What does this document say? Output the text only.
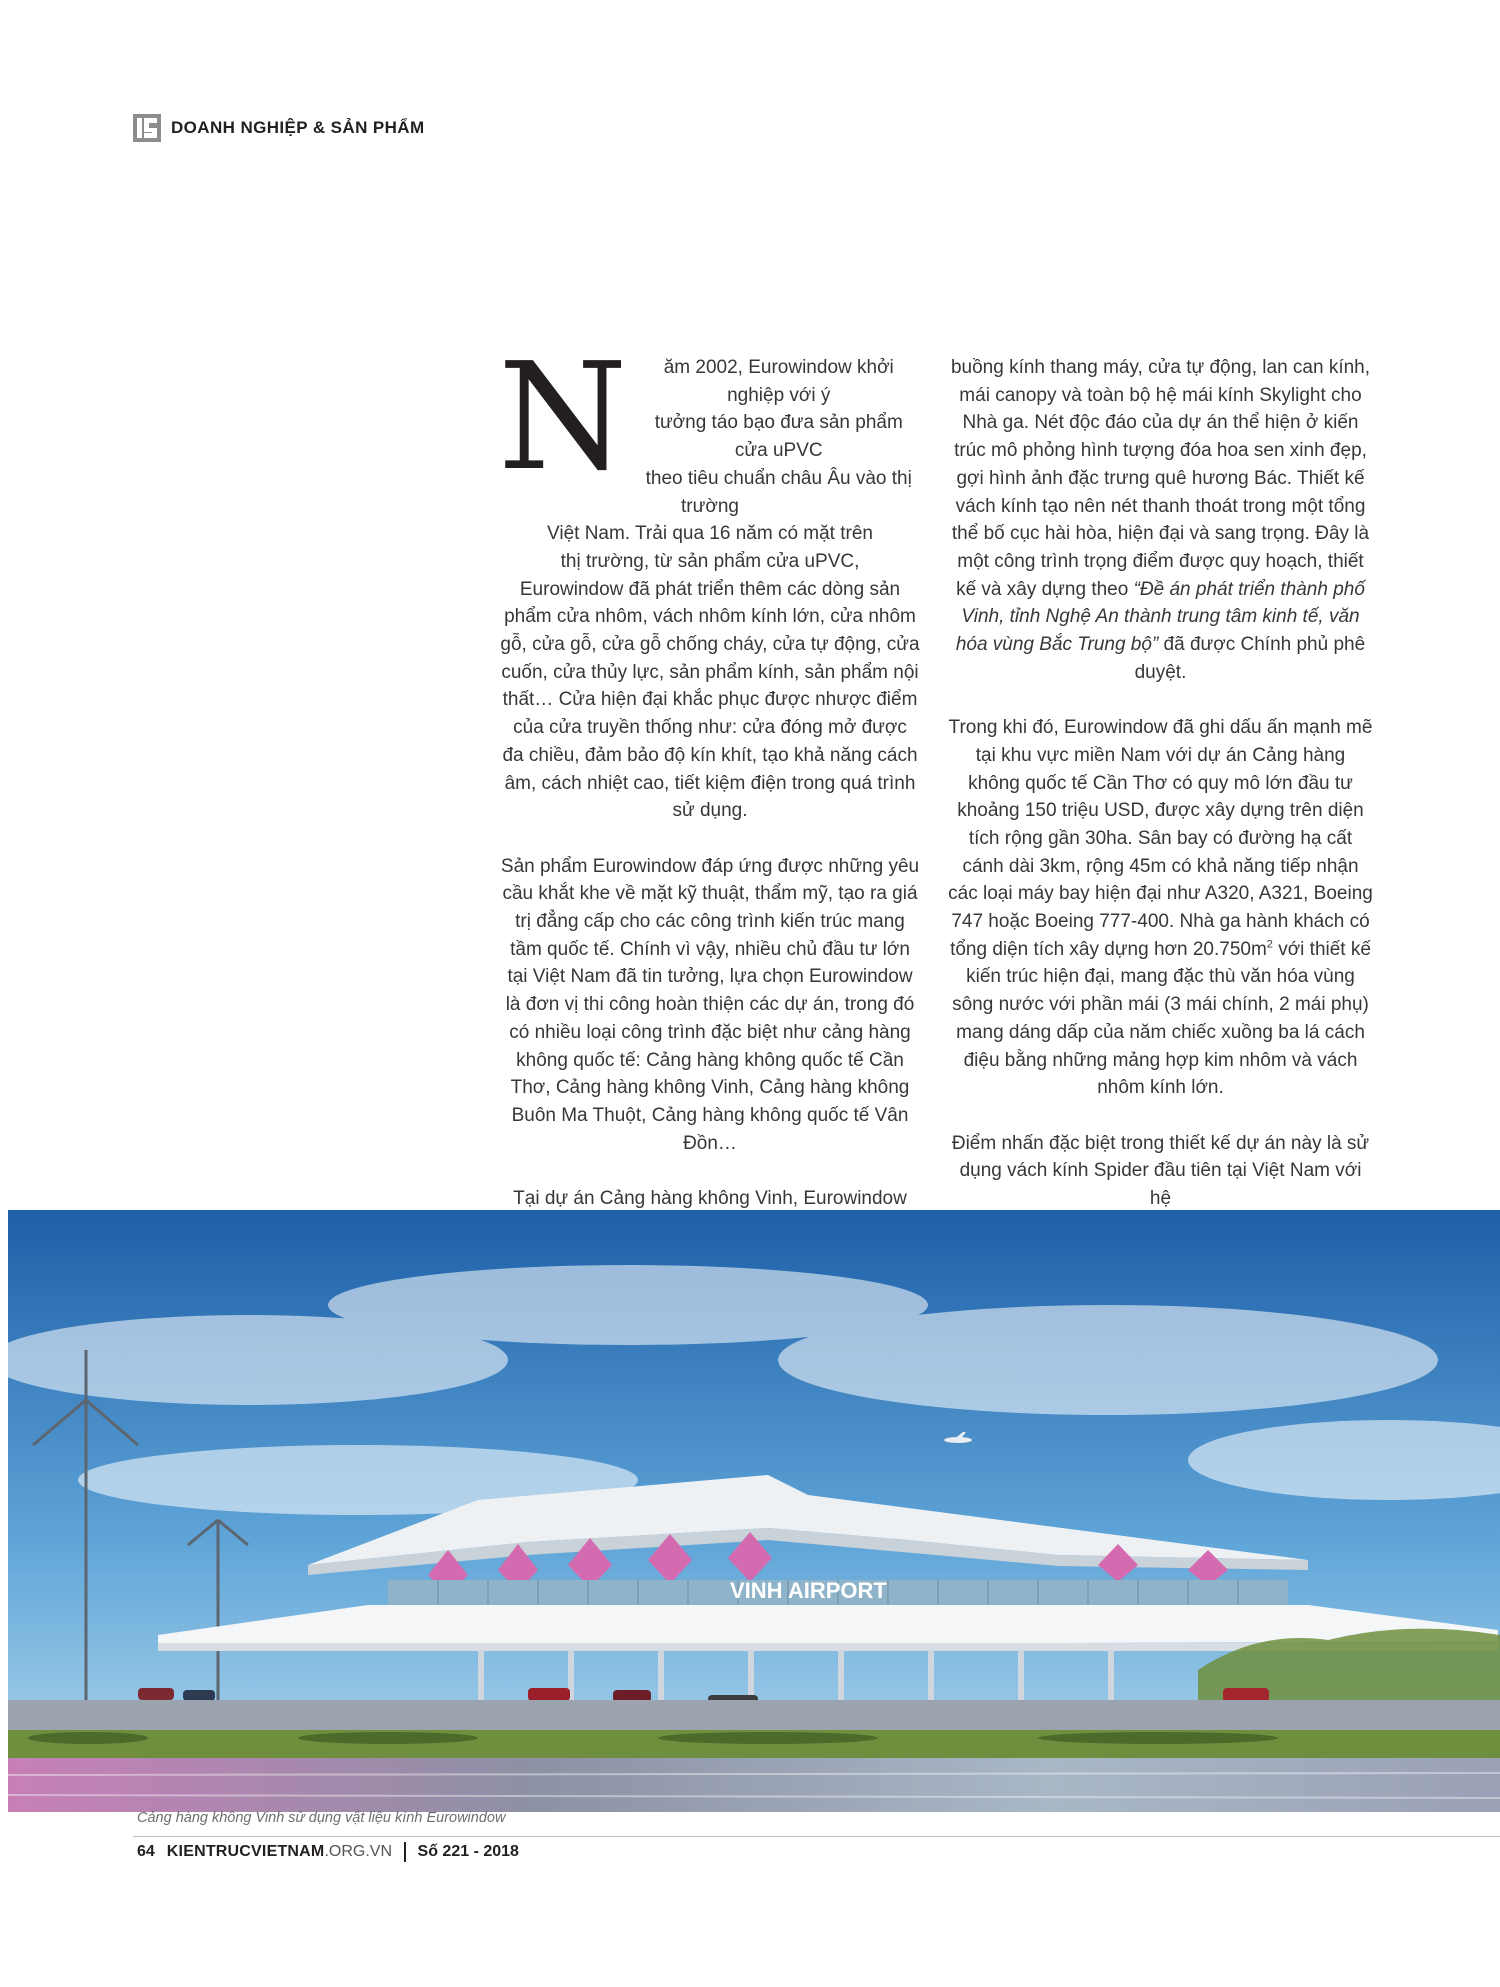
DOANH NGHIỆP & SẢN PHẨM

N	ăm 2002, Eurowindow khởi nghiệp với ý
tưởng táo bạo đưa sản phẩm cửa uPVC
theo tiêu chuẩn châu Âu vào thị trường
Việt Nam. Trải qua 16 năm có mặt trên
thị trường, từ sản phẩm cửa uPVC,
Eurowindow đã phát triển thêm các dòng sản phẩm cửa nhôm, vách nhôm kính lớn, cửa nhôm gỗ, cửa gỗ, cửa gỗ chống cháy, cửa tự động, cửa cuốn, cửa thủy lực, sản phẩm kính, sản phẩm nội thất… Cửa hiện đại khắc phục được nhược điểm của cửa truyền thống như: cửa đóng mở được đa chiều, đảm bảo độ kín khít, tạo khả năng cách âm, cách nhiệt cao, tiết kiệm điện trong quá trình sử dụng.

Sản phẩm Eurowindow đáp ứng được những yêu cầu khắt khe về mặt kỹ thuật, thẩm mỹ, tạo ra giá trị đẳng cấp cho các công trình kiến trúc mang tầm quốc tế. Chính vì vậy, nhiều chủ đầu tư lớn tại Việt Nam đã tin tưởng, lựa chọn Eurowindow là đơn vị thi công hoàn thiện các dự án, trong đó có nhiều loại công trình đặc biệt như cảng hàng không quốc tế: Cảng hàng không quốc tế Cần Thơ, Cảng hàng không Vinh, Cảng hàng không Buôn Ma Thuột, Cảng hàng không quốc tế Vân Đồn…

Tại dự án Cảng hàng không Vinh, Eurowindow

buồng kính thang máy, cửa tự động, lan can kính, mái canopy và toàn bộ hệ mái kính Skylight cho Nhà ga. Nét độc đáo của dự án thể hiện ở kiến trúc mô phỏng hình tượng đóa hoa sen xinh đẹp, gợi hình ảnh đặc trưng quê hương Bác. Thiết kế vách kính tạo nên nét thanh thoát trong một tổng thể bố cục hài hòa, hiện đại và sang trọng. Đây là một công trình trọng điểm được quy hoạch, thiết kế và xây dựng theo “Đề án phát triển thành phố Vinh, tỉnh Nghệ An thành trung tâm kinh tế, văn hóa vùng Bắc Trung bộ” đã được Chính phủ phê duyệt.

Trong khi đó, Eurowindow đã ghi dấu ấn mạnh mẽ tại khu vực miền Nam với dự án Cảng hàng không quốc tế Cần Thơ có quy mô lớn đầu tư khoảng 150 triệu USD, được xây dựng trên diện tích rộng gần 30ha. Sân bay có đường hạ cất cánh dài 3km, rộng 45m có khả năng tiếp nhận các loại máy bay hiện đại như A320, A321, Boeing 747 hoặc Boeing 777-400. Nhà ga hành khách có tổng diện tích xây dựng hơn $20.750m^2$ với thiết kế kiến trúc hiện đại, mang đặc thù văn hóa vùng sông nước với phần mái (3 mái chính, 2 mái phụ) mang dáng dấp của năm chiếc xuồng ba lá cách điệu bằng những mảng hợp kim nhôm và vách nhôm kính lớn.

Điểm nhấn đặc biệt trong thiết kế dự án này là sử dụng vách kính Spider đầu tiên tại Việt Nam với hệ

VINH AIRPORT
Cảng hàng không Vinh sử dụng vật liệu kính Eurowindow
64 KIENTRUCVIETNAM .ORG.VN Số 221 - 2018
